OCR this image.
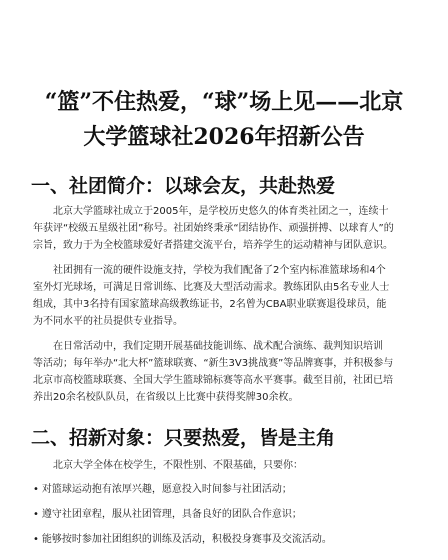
“篮”不住热爱，“球”场上见——北京
大学篮球社2026年招新公告
一、社团简介：以球会友，共赴热爱

北京大学篮球社成立于2005年，是学校历史悠久的体育类社团之一，连续十
年获评“校级五星级社团”称号。社团始终秉承“团结协作、顽强拼搏、以球育人”的
宗旨，致力于为全校篮球爱好者搭建交流平台，培养学生的运动精神与团队意识。

社团拥有一流的硬件设施支持，学校为我们配备了2个室内标准篮球场和4个
室外灯光球场，可满足日常训练、比赛及大型活动需求。教练团队由5名专业人士
组成，其中3名持有国家篮球高级教练证书，2名曾为CBA职业联赛退役球员，能
为不同水平的社员提供专业指导。

在日常活动中，我们定期开展基础技能训练、战术配合演练、裁判知识培训
等活动；每年举办“北大杯”篮球联赛、“新生3V3挑战赛”等品牌赛事，并积极参与
北京市高校篮球联赛、全国大学生篮球锦标赛等高水平赛事。截至目前，社团已培
养出20余名校队队员，在省级以上比赛中获得奖牌30余枚。

二、招新对象：只要热爱，皆是主角

北京大学全体在校学生，不限性别、不限基础，只要你：

• 对篮球运动抱有浓厚兴趣，愿意投入时间参与社团活动；
• 遵守社团章程，服从社团管理，具备良好的团队合作意识；
• 能够按时参加社团组织的训练及活动，积极投身赛事及交流活动。
